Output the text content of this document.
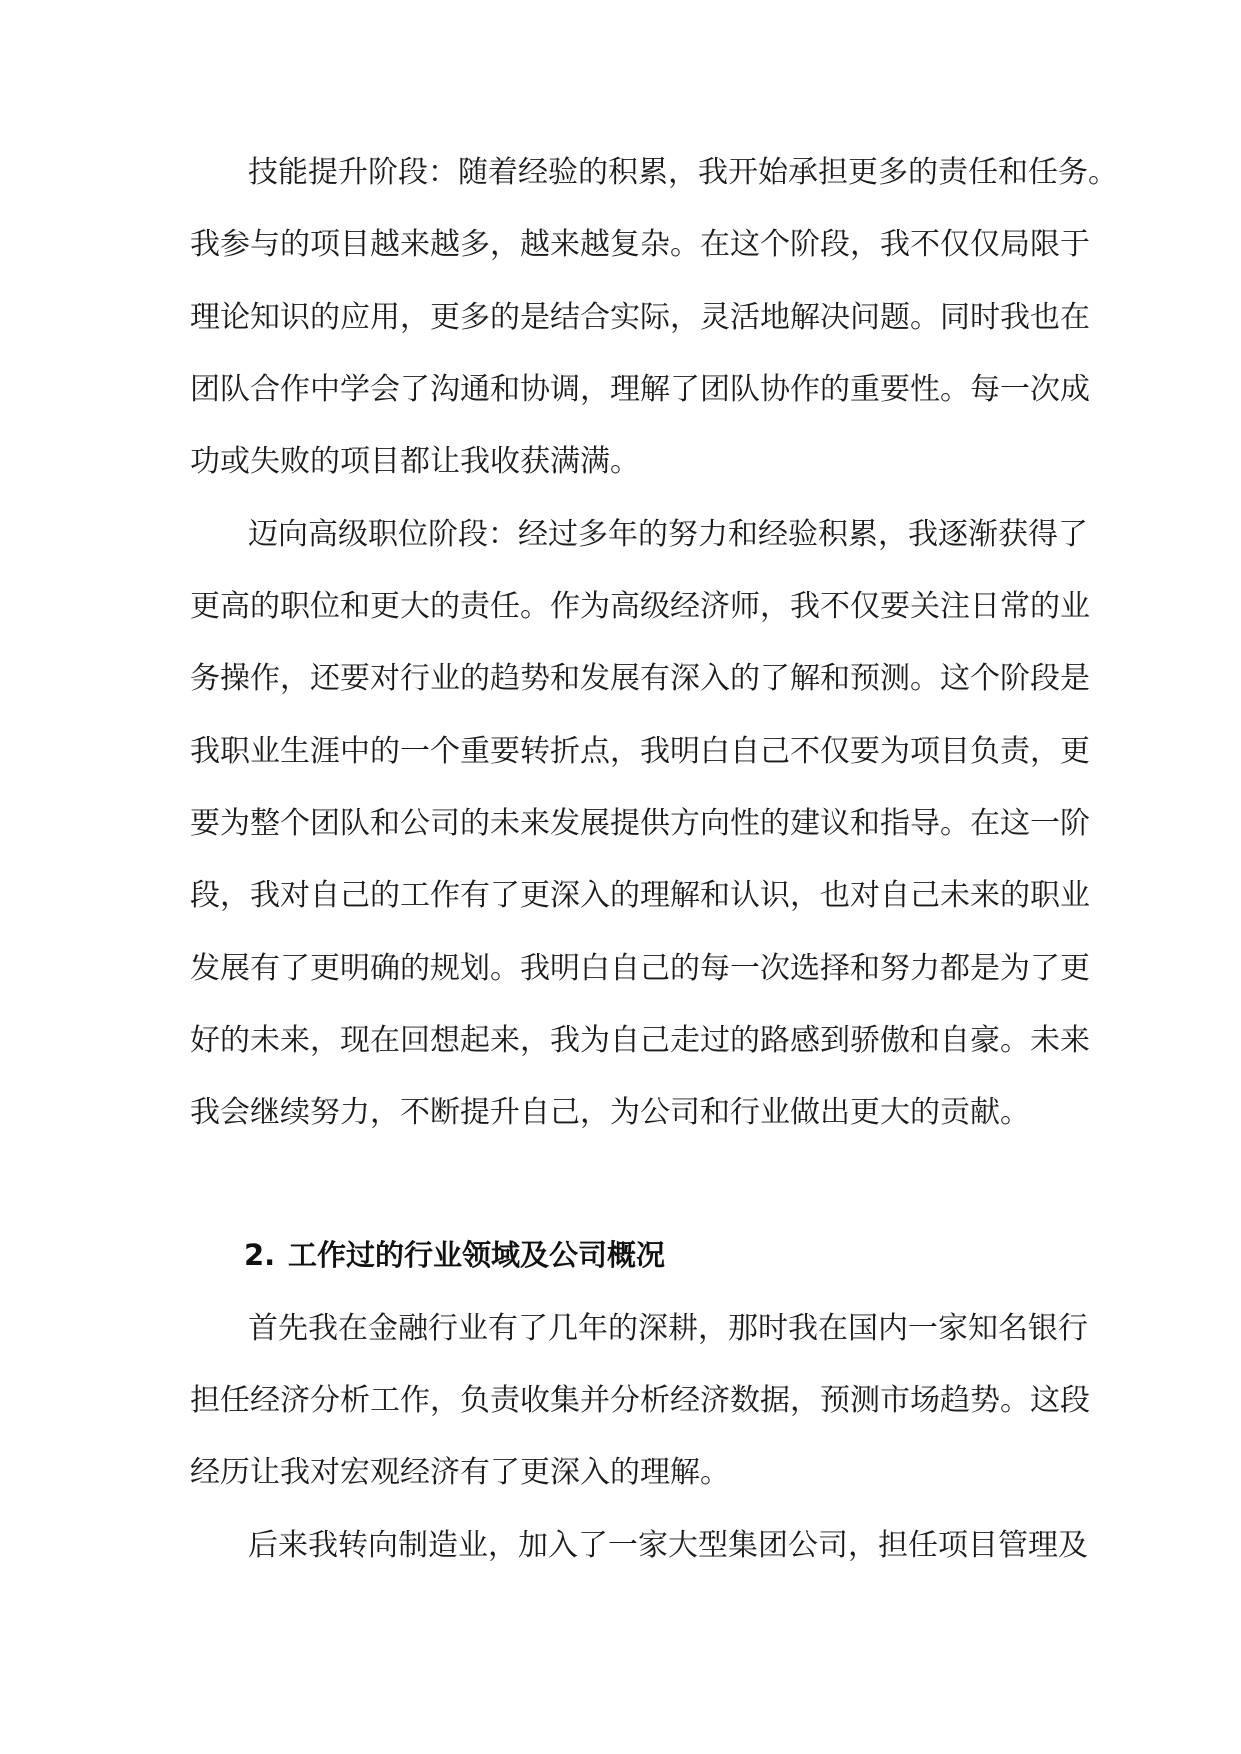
技能提升阶段：随着经验的积累，我开始承担更多的责任和任务。

我参与的项目越来越多，越来越复杂。在这个阶段，我不仅仅局限于

理论知识的应用，更多的是结合实际，灵活地解决问题。同时我也在

团队合作中学会了沟通和协调，理解了团队协作的重要性。每一次成

功或失败的项目都让我收获满满。

迈向高级职位阶段：经过多年的努力和经验积累，我逐渐获得了

更高的职位和更大的责任。作为高级经济师，我不仅要关注日常的业

务操作，还要对行业的趋势和发展有深入的了解和预测。这个阶段是

我职业生涯中的一个重要转折点，我明白自己不仅要为项目负责，更

要为整个团队和公司的未来发展提供方向性的建议和指导。在这一阶

段，我对自己的工作有了更深入的理解和认识，也对自己未来的职业

发展有了更明确的规划。我明白自己的每一次选择和努力都是为了更

好的未来，现在回想起来，我为自己走过的路感到骄傲和自豪。未来

我会继续努力，不断提升自己，为公司和行业做出更大的贡献。

2. 工作过的行业领域及公司概况

首先我在金融行业有了几年的深耕，那时我在国内一家知名银行

担任经济分析工作，负责收集并分析经济数据，预测市场趋势。这段

经历让我对宏观经济有了更深入的理解。

后来我转向制造业，加入了一家大型集团公司，担任项目管理及
